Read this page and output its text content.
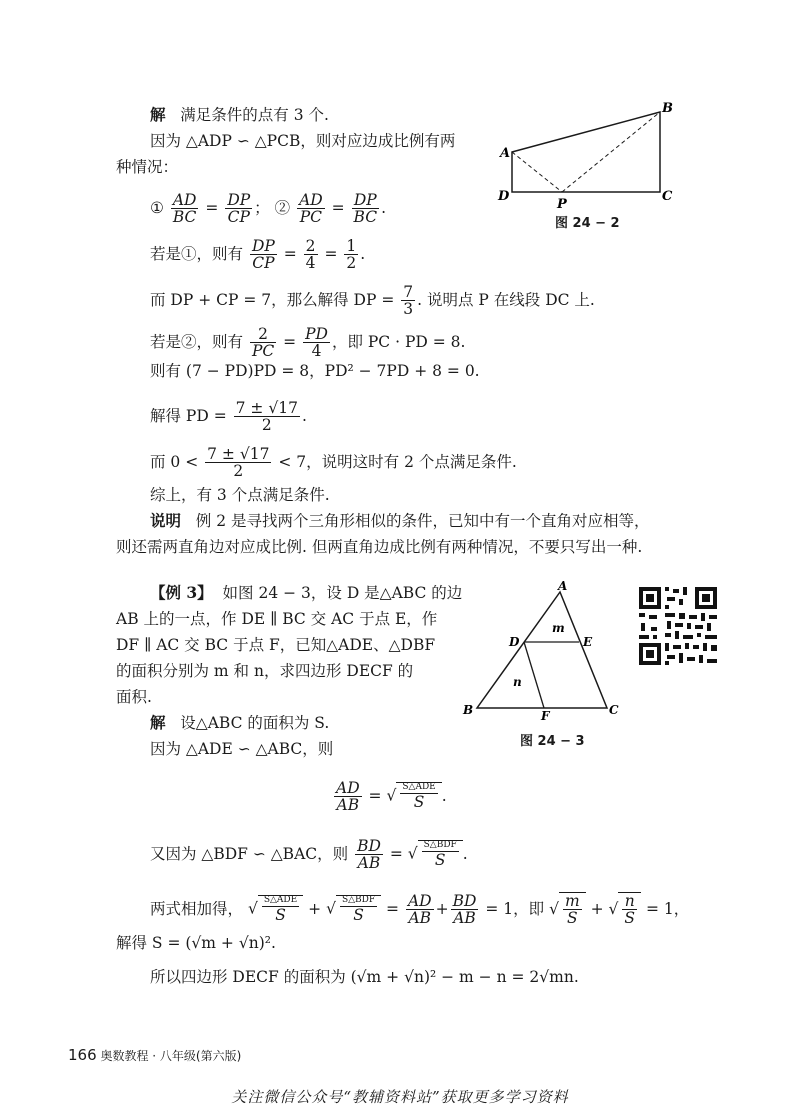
解 满足条件的点有 3 个.
因为 △ADP ∽ △PCB，则对应边成比例有两
种情况：
① $\frac{AD}{BC} = \frac{DP}{CP}$ ； ② $\frac{AD}{PC} = \frac{DP}{BC}$ .
若是①，则有 $\frac{DP}{CP} = \frac{2}{4} = \frac{1}{2}$ .
而 DP + CP = 7，那么解得 DP = $\frac{7}{3}$ . 说明点 P 在线段 DC 上.
若是②，则有 $\frac{2}{PC} = \frac{PD}{4}$ ，即 PC · PD = 8.
则有 (7 − PD)PD = 8，PD² − 7PD + 8 = 0.
解得 PD = $\frac{7 \pm √17}{2}$ .
而 $0 < \frac{7 \pm √17}{2} < 7$，说明这时有 2 个点满足条件.
综上，有 3 个点满足条件.
说明 例 2 是寻找两个三角形相似的条件，已知中有一个直角对应相等，
则还需两直角边对应成比例. 但两直角边成比例有两种情况，不要只写出一种.
A
B
C
D
P
图 24 − 2
【例 3】 如图 24 − 3，设 D 是△ABC 的边
AB 上的一点，作 DE ∥ BC 交 AC 于点 E，作
DF ∥ AC 交 BC 于点 F，已知△ADE、△DBF
的面积分别为 m 和 n，求四边形 DECF 的
面积.
A
B	C
D	E
F
m
n
图 24 − 3
解 设△ABC 的面积为 S.
因为 △ADE ∽ △ABC，则
$\frac{AD}{AB}$ = √ $\frac{\text{S△ADE}}{S}$ .
又因为 △BDF ∽ △BAC，则 $\frac{BD}{AB}$ = √ $\frac{\text{S△BDF}}{S}$ .
两式相加得， √ $\frac{\text{S△ADE}}{S}$ + √ $\frac{\text{S△BDF}}{S} = \frac{AD}{AB} + \frac{BD}{AB} = 1$，即 √ $\frac{m}{S}$ + √ $\frac{n}{S} = 1$，
解得 S = (√m + √n)².
所以四边形 DECF 的面积为 (√m + √n)² − m − n = 2√mn.
166 奥数教程 · 八年级(第六版)
关注微信公众号“教辅资料站”获取更多学习资料
